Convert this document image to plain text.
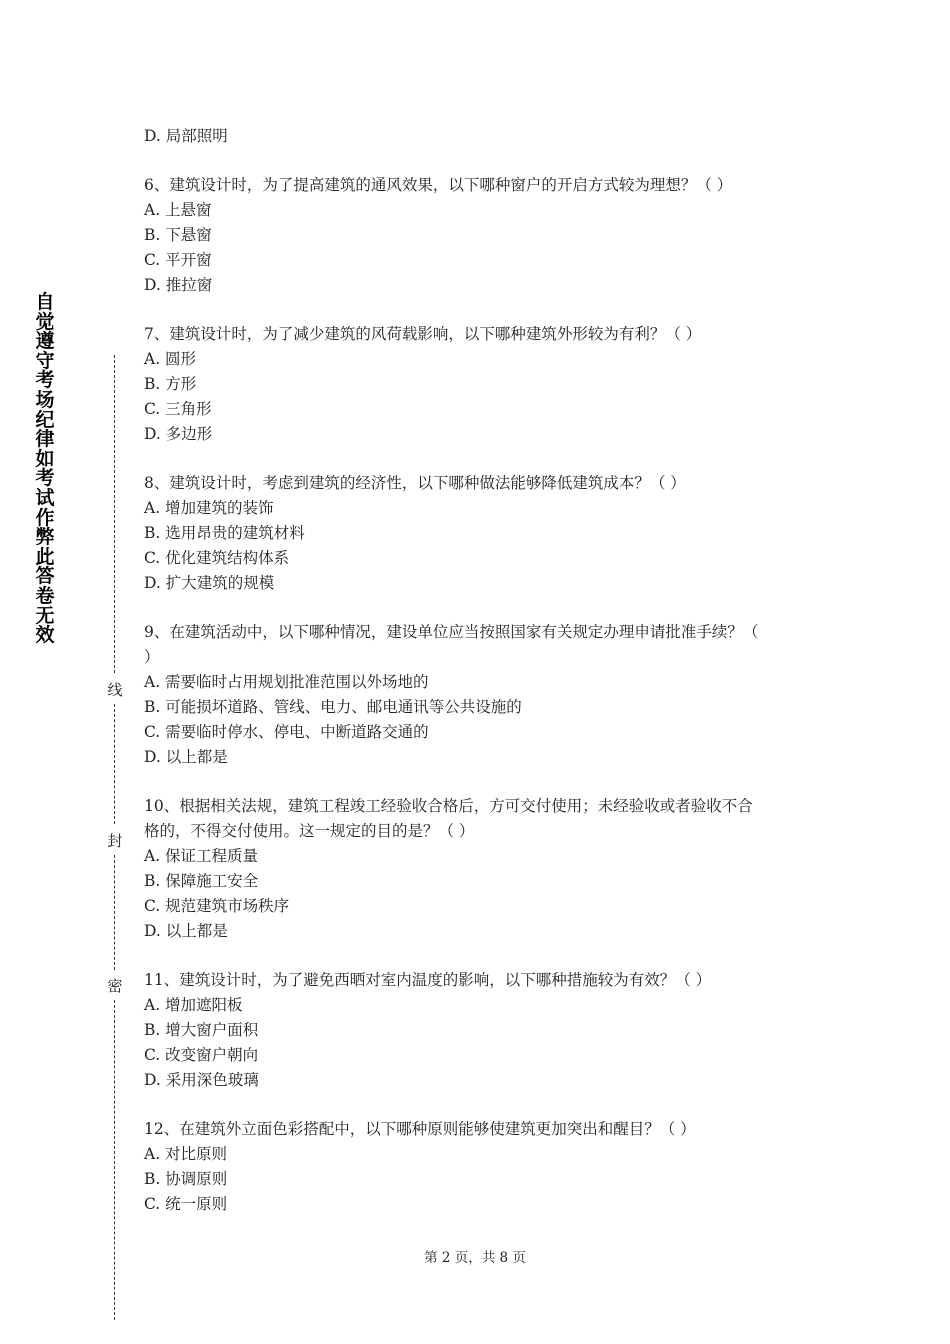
自觉遵守考场纪律如考试作弊此答卷无效
线
封
密
D. 局部照明
6、建筑设计时，为了提高建筑的通风效果，以下哪种窗户的开启方式较为理想？（ ）
A. 上悬窗
B. 下悬窗
C. 平开窗
D. 推拉窗
7、建筑设计时，为了减少建筑的风荷载影响，以下哪种建筑外形较为有利？（ ）
A. 圆形
B. 方形
C. 三角形
D. 多边形
8、建筑设计时，考虑到建筑的经济性，以下哪种做法能够降低建筑成本？（ ）
A. 增加建筑的装饰
B. 选用昂贵的建筑材料
C. 优化建筑结构体系
D. 扩大建筑的规模
9、在建筑活动中，以下哪种情况，建设单位应当按照国家有关规定办理申请批准手续？（
）
A. 需要临时占用规划批准范围以外场地的
B. 可能损坏道路、管线、电力、邮电通讯等公共设施的
C. 需要临时停水、停电、中断道路交通的
D. 以上都是
10、根据相关法规，建筑工程竣工经验收合格后，方可交付使用；未经验收或者验收不合
格的，不得交付使用。这一规定的目的是？（ ）
A. 保证工程质量
B. 保障施工安全
C. 规范建筑市场秩序
D. 以上都是
11、建筑设计时，为了避免西晒对室内温度的影响，以下哪种措施较为有效？（ ）
A. 增加遮阳板
B. 增大窗户面积
C. 改变窗户朝向
D. 采用深色玻璃
12、在建筑外立面色彩搭配中，以下哪种原则能够使建筑更加突出和醒目？（ ）
A. 对比原则
B. 协调原则
C. 统一原则
第 2 页，共 8 页
